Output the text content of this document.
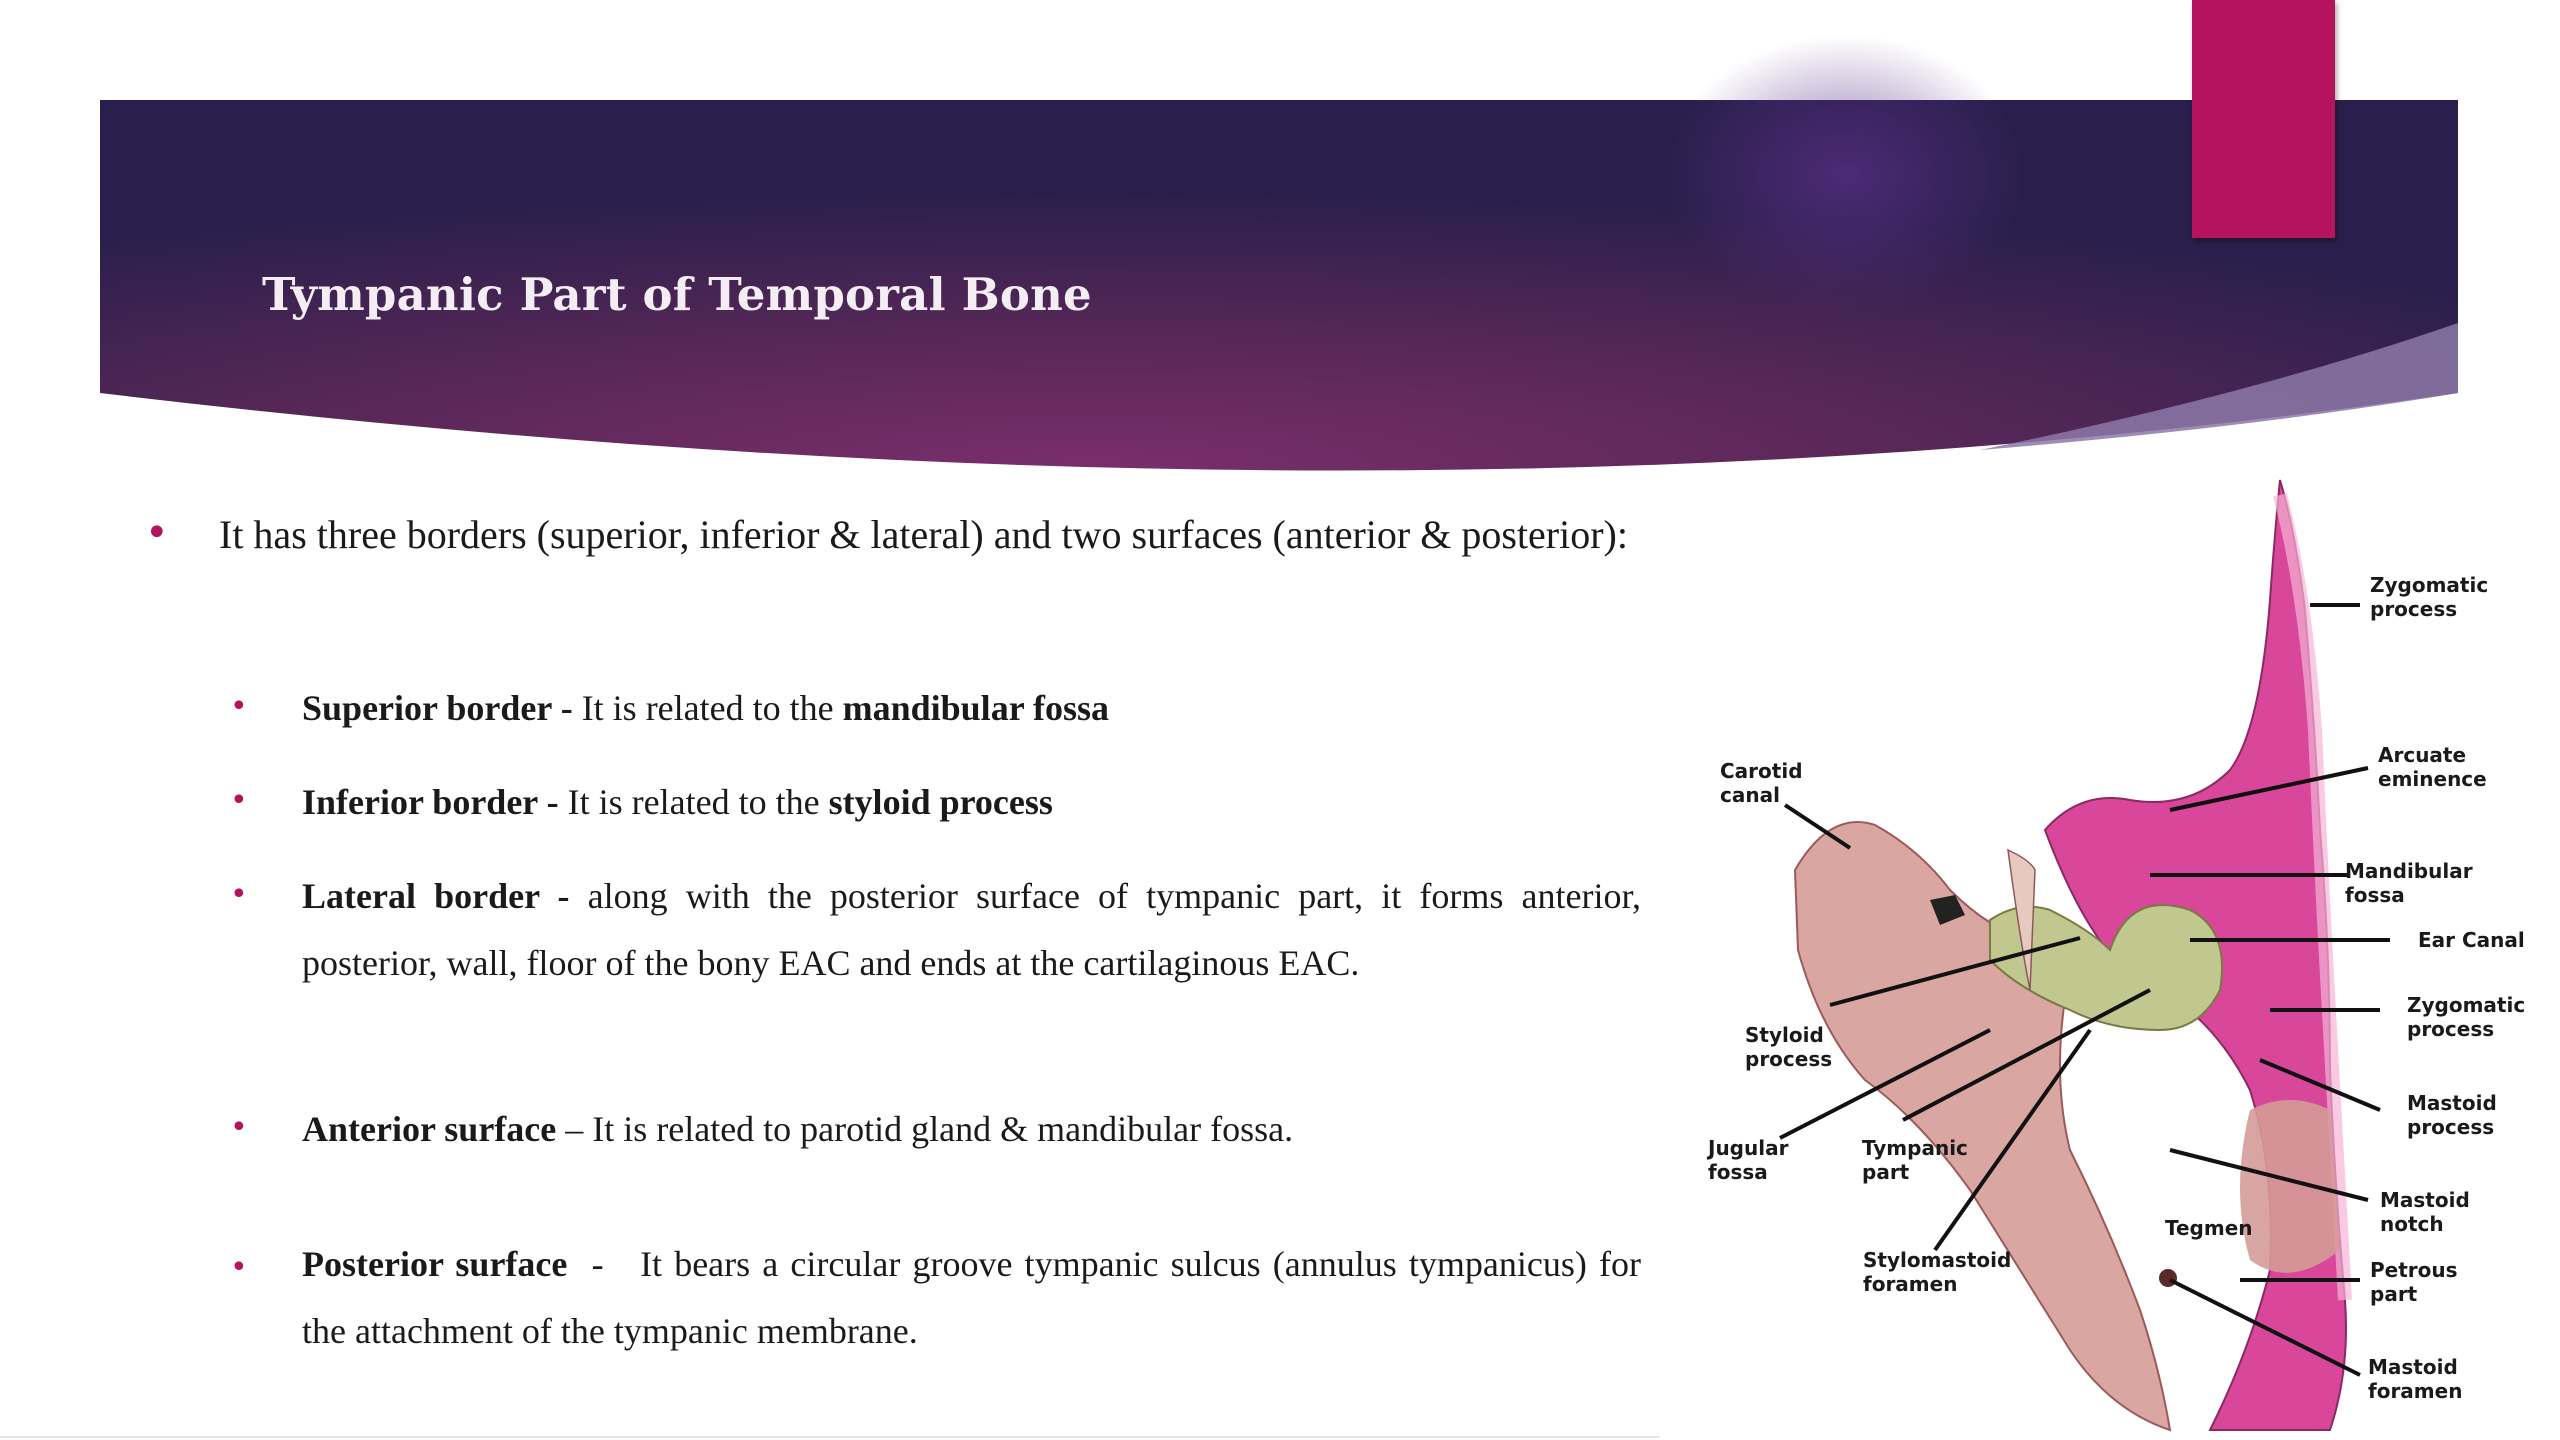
Tympanic Part of Temporal Bone
• It has three borders (superior, inferior & lateral) and two surfaces (anterior & posterior):
• Superior border - It is related to the mandibular fossa
• Inferior border - It is related to the styloid process
• Lateral border - along with the posterior surface of tympanic part, it forms anterior, posterior, wall, floor of the bony EAC and ends at the cartilaginous EAC.
• Anterior surface – It is related to parotid gland & mandibular fossa.
• Posterior surface  -   It bears a circular groove tympanic sulcus (annulus tympanicus) for the attachment of the tympanic membrane.
Zygomatic process
Arcuate eminence
Mandibular fossa
Ear Canal
Zygomatic process
Mastoid process
Mastoid notch
Petrous part
Mastoid foramen
Carotid canal
Styloid process
Jugular fossa
Tympanic part
Stylomastoid foramen
Tegmen
